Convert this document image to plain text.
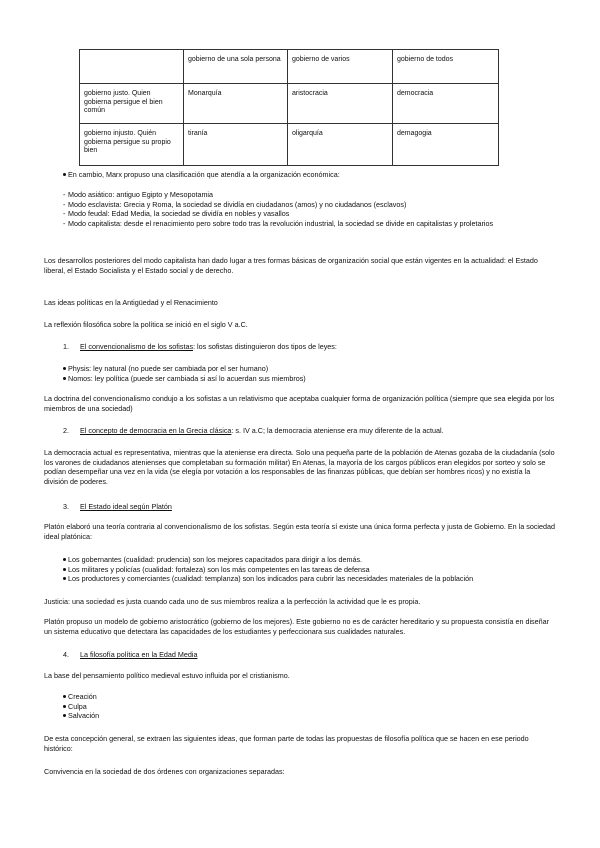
	gobierno de una sola persona	gobierno de varios	gobierno de todos
gobierno justo. Quien gobierna persigue el bien común	Monarquía	aristocracia	democracia
gobierno injusto. Quién gobierna persigue su propio bien	tiranía	oligarquía	demagogia

En cambio, Marx propuso una clasificación que atendía a la organización económica:

- Modo asiático: antiguo Egipto y Mesopotamia

- Modo esclavista: Grecia y Roma, la sociedad se dividía en ciudadanos (amos) y no ciudadanos (esclavos)

- Modo feudal: Edad Media, la sociedad se dividía en nobles y vasallos

- Modo capitalista: desde el renacimiento pero sobre todo tras la revolución industrial, la sociedad se divide en capitalistas y proletarios

Los desarrollos posteriores del modo capitalista han dado lugar a tres formas básicas de organización social que están vigentes en la actualidad: el Estado liberal, el Estado Socialista y el Estado social y de derecho.

Las ideas políticas en la Antigüedad y el Renacimiento

La reflexión filosófica sobre la política se inició en el siglo V a.C.

1. El convencionalismo de los sofistas: los sofistas distinguieron dos tipos de leyes:

Physis: ley natural (no puede ser cambiada por el ser humano)

Nomos: ley política (puede ser cambiada si así lo acuerdan sus miembros)

La doctrina del convencionalismo condujo a los sofistas a un relativismo que aceptaba cualquier forma de organización política (siempre que sea elegida por los miembros de una sociedad)

2. El concepto de democracia en la Grecia clásica: s. IV a.C; la democracia ateniense era muy diferente de la actual.

La democracia actual es representativa, mientras que la ateniense era directa. Solo una pequeña parte de la población de Atenas gozaba de la ciudadanía (solo los varones de ciudadanos atenienses que completaban su formación militar) En Atenas, la mayoría de los cargos públicos eran elegidos por sorteo y solo se podían desempeñar una vez en la vida (se elegía por votación a los responsables de las finanzas públicas, que debían ser hombres ricos) y no existía la división de poderes.

3. El Estado ideal según Platón

Platón elaboró una teoría contraria al convencionalismo de los sofistas. Según esta teoría sí existe una única forma perfecta y justa de Gobierno. En la sociedad ideal platónica:

Los gobernantes (cualidad: prudencia) son los mejores capacitados para dirigir a los demás.

Los militares y policías (cualidad: fortaleza) son los más competentes en las tareas de defensa

Los productores y comerciantes (cualidad: templanza) son los indicados para cubrir las necesidades materiales de la población

Justicia: una sociedad es justa cuando cada uno de sus miembros realiza a la perfección la actividad que le es propia.

Platón propuso un modelo de gobierno aristocrático (gobierno de los mejores). Este gobierno no es de carácter hereditario y su propuesta consistía en diseñar un sistema educativo que detectara las capacidades de los estudiantes y perfeccionara sus cualidades naturales.

4. La filosofía política en la Edad Media

La base del pensamiento político medieval estuvo influida por el cristianismo.

Creación

Culpa

Salvación

De esta concepción general, se extraen las siguientes ideas, que forman parte de todas las propuestas de filosofía política que se hacen en ese periodo histórico:

Convivencia en la sociedad de dos órdenes con organizaciones separadas:
